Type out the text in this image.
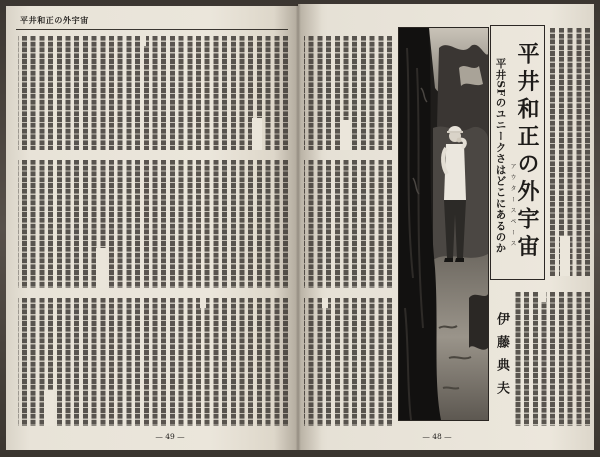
平井和正の外宇宙
— 49 —
平井和正の外宇宙
アウタースペース
平井SFのユニークさはどこにあるのか
伊藤典夫
— 48 —
